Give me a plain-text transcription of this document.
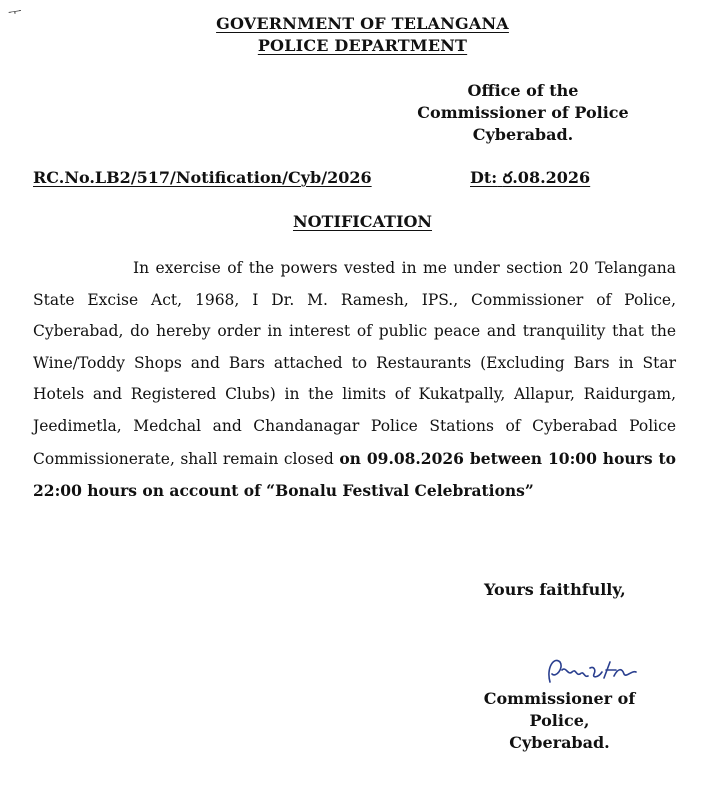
ᅮ
GOVERNMENT OF TELANGANA
POLICE DEPARTMENT
Office of the
Commissioner of Police
Cyberabad.
RC.No.LB2/517/Notification/Cyb/2026	Dt: ర.08.2026
NOTIFICATION
In exercise of the powers vested in me under section 20 Telangana State Excise Act, 1968, I Dr. M. Ramesh, IPS., Commissioner of Police, Cyberabad, do hereby order in interest of public peace and tranquility that the Wine/Toddy Shops and Bars attached to Restaurants (Excluding Bars in Star Hotels and Registered Clubs) in the limits of Kukatpally, Allapur, Raidurgam, Jeedimetla, Medchal and Chandanagar Police Stations of Cyberabad Police Commissionerate, shall remain closed on 09.08.2026 between 10:00 hours to 22:00 hours on account of “Bonalu Festival Celebrations”
Yours faithfully,
Commissioner of Police,
Cyberabad.
